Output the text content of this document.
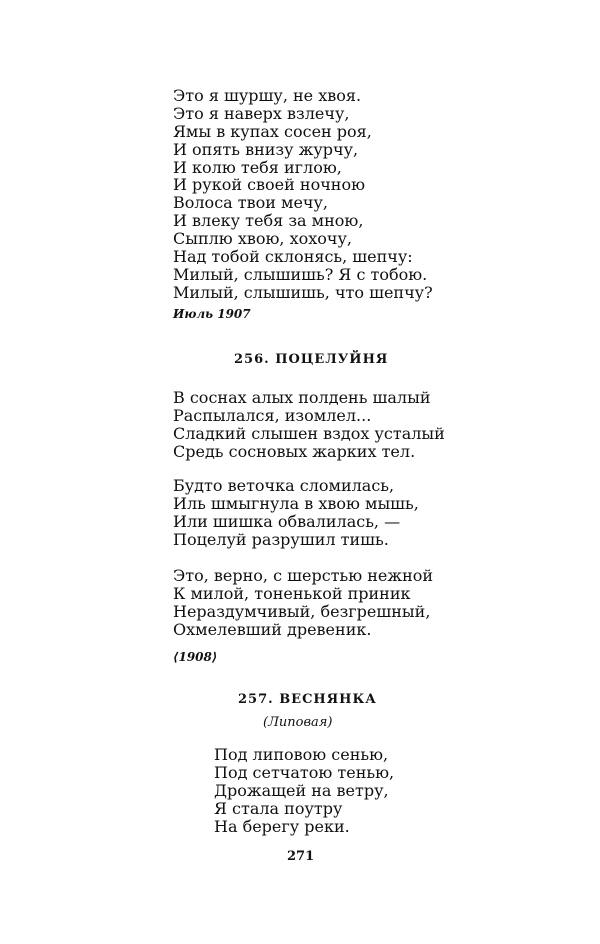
Это я шуршу, не хвоя.
Это я наверх взлечу,
Ямы в купах сосен роя,
И опять внизу журчу,
И колю тебя иглою,
И рукой своей ночною
Волоса твои мечу,
И влеку тебя за мною,
Сыплю хвою, хохочу,
Над тобой склонясь, шепчу:
Милый, слышишь? Я с тобою.
Милый, слышишь, что шепчу?
Июль 1907
256. ПОЦЕЛУЙНЯ
В соснах алых полдень шалый
Распылался, изомлел...
Сладкий слышен вздох усталый
Средь сосновых жарких тел.
Будто веточка сломилась,
Иль шмыгнула в хвою мышь,
Или шишка обвалилась, —
Поцелуй разрушил тишь.
Это, верно, с шерстью нежной
К милой, тоненькой приник
Нераздумчивый, безгрешный,
Охмелевший древеник.
⟨1908⟩
257. ВЕСНЯНКА
(Липовая)
Под липовою сенью,
Под сетчатою тенью,
Дрожащей на ветру,
Я стала поутру
На берегу реки.
271
